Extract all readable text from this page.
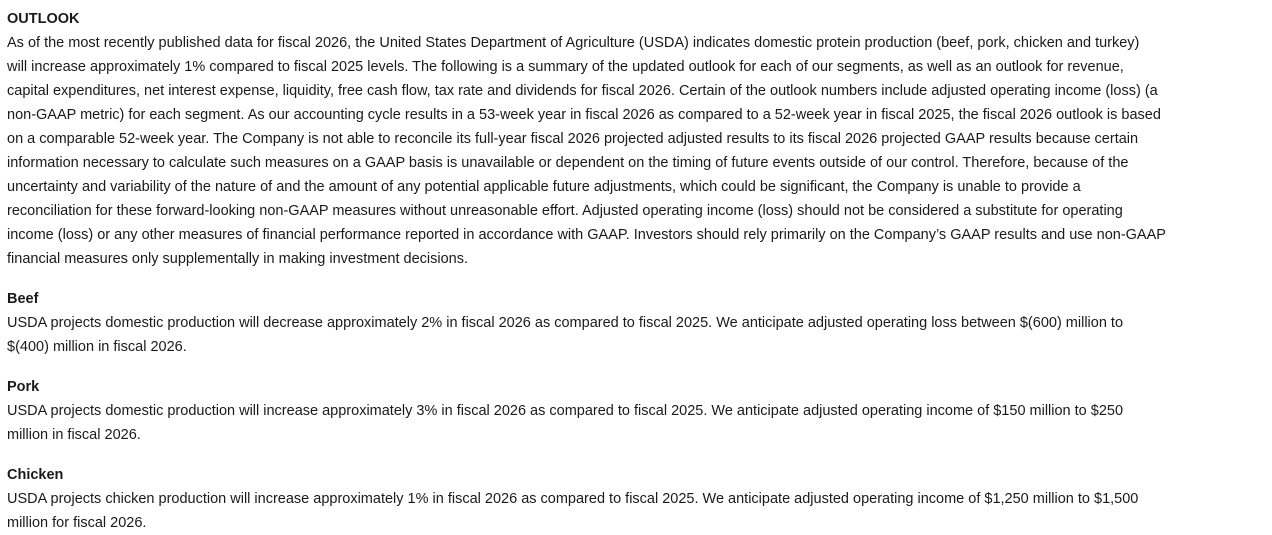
OUTLOOK
As of the most recently published data for fiscal 2026, the United States Department of Agriculture (USDA) indicates domestic protein production (beef, pork, chicken and turkey)
will increase approximately 1% compared to fiscal 2025 levels. The following is a summary of the updated outlook for each of our segments, as well as an outlook for revenue,
capital expenditures, net interest expense, liquidity, free cash flow, tax rate and dividends for fiscal 2026. Certain of the outlook numbers include adjusted operating income (loss) (a
non-GAAP metric) for each segment. As our accounting cycle results in a 53-week year in fiscal 2026 as compared to a 52-week year in fiscal 2025, the fiscal 2026 outlook is based
on a comparable 52-week year. The Company is not able to reconcile its full-year fiscal 2026 projected adjusted results to its fiscal 2026 projected GAAP results because certain
information necessary to calculate such measures on a GAAP basis is unavailable or dependent on the timing of future events outside of our control. Therefore, because of the
uncertainty and variability of the nature of and the amount of any potential applicable future adjustments, which could be significant, the Company is unable to provide a
reconciliation for these forward-looking non-GAAP measures without unreasonable effort. Adjusted operating income (loss) should not be considered a substitute for operating
income (loss) or any other measures of financial performance reported in accordance with GAAP. Investors should rely primarily on the Company’s GAAP results and use non-GAAP
financial measures only supplementally in making investment decisions.
Beef
USDA projects domestic production will decrease approximately 2% in fiscal 2026 as compared to fiscal 2025. We anticipate adjusted operating loss between $(600) million to
$(400) million in fiscal 2026.
Pork
USDA projects domestic production will increase approximately 3% in fiscal 2026 as compared to fiscal 2025. We anticipate adjusted operating income of $150 million to $250
million in fiscal 2026.
Chicken
USDA projects chicken production will increase approximately 1% in fiscal 2026 as compared to fiscal 2025. We anticipate adjusted operating income of $1,250 million to $1,500
million for fiscal 2026.
